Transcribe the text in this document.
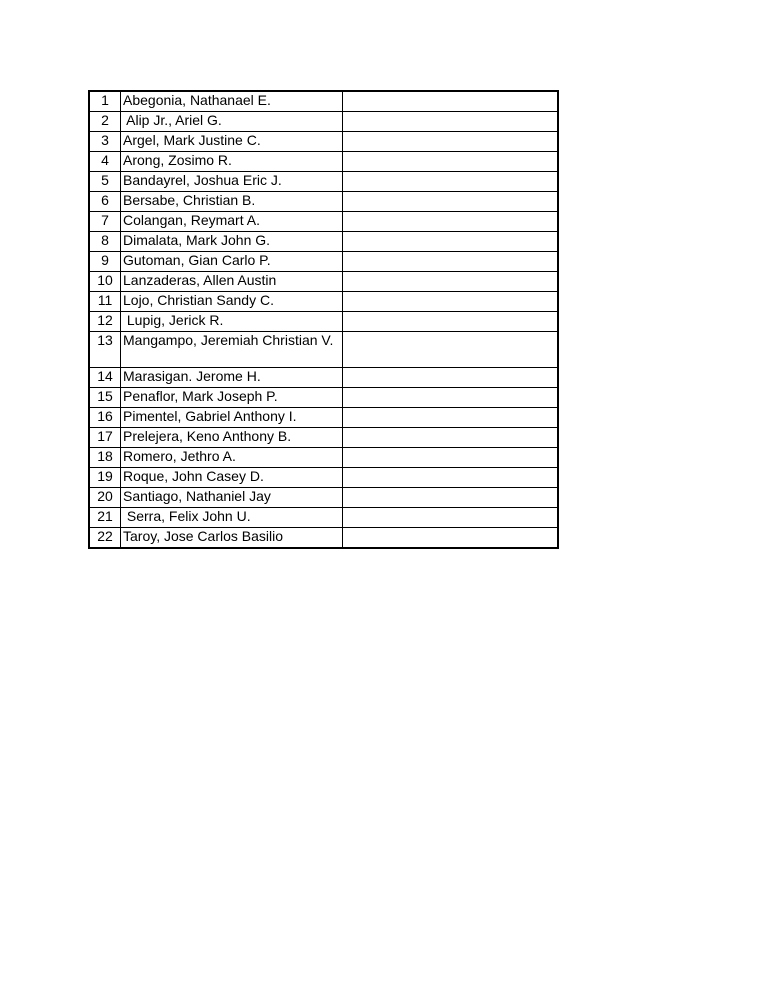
1	Abegonia, Nathanael E.	
2	Alip Jr., Ariel G.	
3	Argel, Mark Justine C.	
4	Arong, Zosimo R.	
5	Bandayrel, Joshua Eric J.	
6	Bersabe, Christian B.	
7	Colangan, Reymart A.	
8	Dimalata, Mark John G.	
9	Gutoman, Gian Carlo P.	
10	Lanzaderas, Allen Austin	
11	Lojo, Christian Sandy C.	
12	Lupig, Jerick R.	
13	Mangampo, Jeremiah Christian V.	
14	Marasigan. Jerome H.	
15	Penaflor, Mark Joseph P.	
16	Pimentel, Gabriel Anthony I.	
17	Prelejera, Keno Anthony B.	
18	Romero, Jethro A.	
19	Roque, John Casey D.	
20	Santiago, Nathaniel Jay	
21	Serra, Felix John U.	
22	Taroy, Jose Carlos Basilio	
